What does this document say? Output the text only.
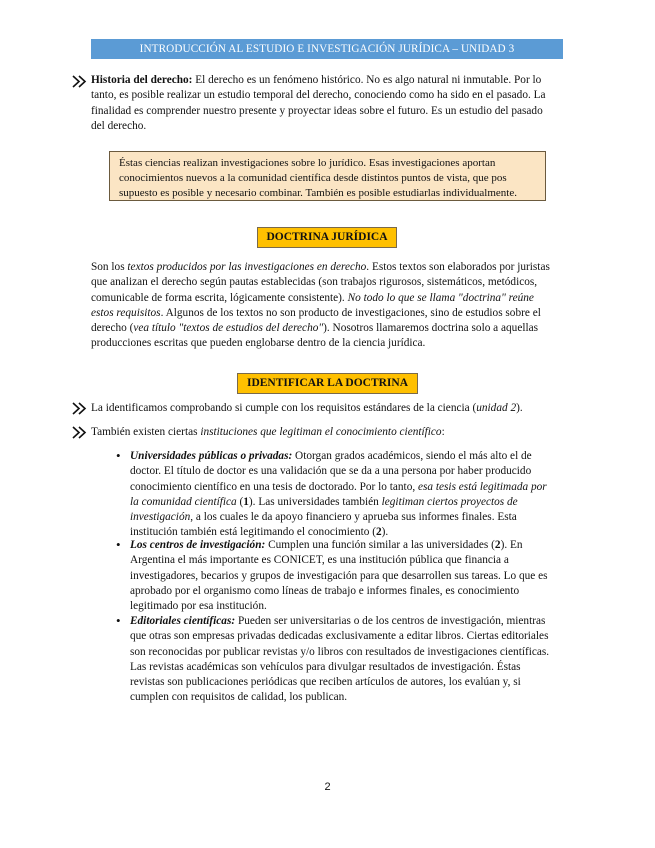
INTRODUCCIÓN AL ESTUDIO E INVESTIGACIÓN JURÍDICA – UNIDAD 3
Historia del derecho: El derecho es un fenómeno histórico. No es algo natural ni inmutable. Por lo
tanto, es posible realizar un estudio temporal del derecho, conociendo como ha sido en el pasado. La
finalidad es comprender nuestro presente y proyectar ideas sobre el futuro. Es un estudio del pasado
del derecho.
Éstas ciencias realizan investigaciones sobre lo jurídico. Esas investigaciones aportan
conocimientos nuevos a la comunidad científica desde distintos puntos de vista, que pos
supuesto es posible y necesario combinar. También es posible estudiarlas individualmente.
DOCTRINA JURÍDICA
Son los textos producidos por las investigaciones en derecho. Estos textos son elaborados por juristas
que analizan el derecho según pautas establecidas (son trabajos rigurosos, sistemáticos, metódicos,
comunicable de forma escrita, lógicamente consistente). No todo lo que se llama "doctrina" reúne
estos requisitos. Algunos de los textos no son producto de investigaciones, sino de estudios sobre el
derecho (vea título "textos de estudios del derecho"). Nosotros llamaremos doctrina solo a aquellas
producciones escritas que pueden englobarse dentro de la ciencia jurídica.
IDENTIFICAR LA DOCTRINA
La identificamos comprobando si cumple con los requisitos estándares de la ciencia (unidad 2).
También existen ciertas instituciones que legitiman el conocimiento científico:
• Universidades públicas o privadas: Otorgan grados académicos, siendo el más alto el de
doctor. El título de doctor es una validación que se da a una persona por haber producido
conocimiento científico en una tesis de doctorado. Por lo tanto, esa tesis está legitimada por
la comunidad científica (1). Las universidades también legitiman ciertos proyectos de
investigación, a los cuales le da apoyo financiero y aprueba sus informes finales. Esta
institución también está legitimando el conocimiento (2).
• Los centros de investigación: Cumplen una función similar a las universidades (2). En
Argentina el más importante es CONICET, es una institución pública que financia a
investigadores, becarios y grupos de investigación para que desarrollen sus tareas. Lo que es
aprobado por el organismo como líneas de trabajo e informes finales, es conocimiento
legitimado por esa institución.
• Editoriales científicas: Pueden ser universitarias o de los centros de investigación, mientras
que otras son empresas privadas dedicadas exclusivamente a editar libros. Ciertas editoriales
son reconocidas por publicar revistas y/o libros con resultados de investigaciones científicas.
Las revistas académicas son vehículos para divulgar resultados de investigación. Éstas
revistas son publicaciones periódicas que reciben artículos de autores, los evalúan y, si
cumplen con requisitos de calidad, los publican.
2
